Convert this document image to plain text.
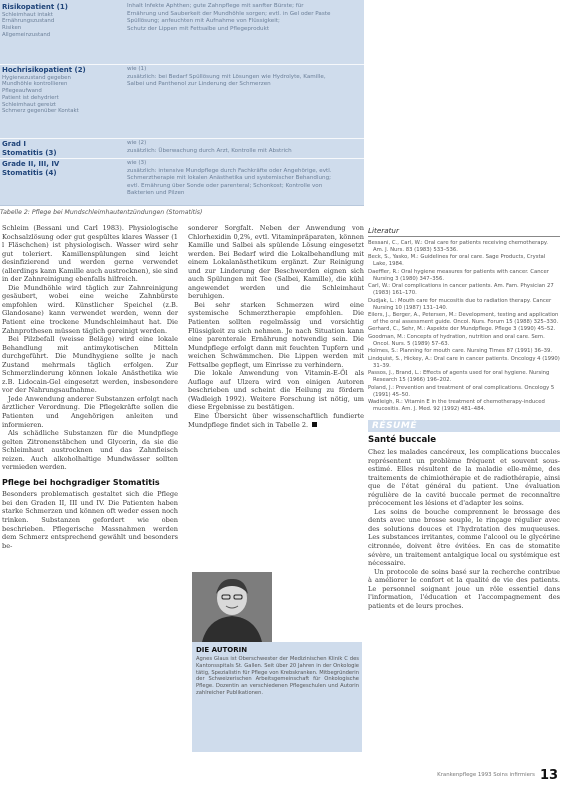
Risikopatient (1)
Schleimhaut intakt
Ernährungszustand
Risiken
Allgemeinzustand
Inhalt Infekte Aphthen; gute Zahnpflege mit sanfter Bürste; für
Ernährung und Sauberkeit der Mundhöhle sorgen; evtl. in Gel oder Paste
Spüllösung; anfeuchten mit Aufnahme von Flüssigkeit;
Schutz der Lippen mit Fettsalbe und Pflegeprodukt
Hochrisikopatient (2)
Hygienezustand gegeben
Mundhöhle kontrollieren
Pflegeaufwand
Patient ist dehydriert
Schleimhaut gereizt
Schmerz gegenüber Kontakt
wie (1)
zusätzlich: bei Bedarf Spüllösung mit Lösungen wie Hydrolyte, Kamille,
Salbei und Panthenol zur Linderung der Schmerzen
Grad I
Stomatitis (3)
wie (2)
zusätzlich: Überwachung durch Arzt, Kontrolle mit Abstrich
Grade II, III, IV
Stomatitis (4)
wie (3)
zusätzlich: intensive Mundpflege durch Fachkräfte oder Angehörige, evtl.
Schmerztherapie mit lokalen Anästhetika und systemischer Behandlung;
evtl. Ernährung über Sonde oder parenteral; Schonkost; Kontrolle von
Bakterien und Pilzen
Tabelle 2: Pflege bei Mundschleimhautentzündungen (Stomatitis)

Schleim (Bessani und Carl 1983). Physiologische Kochsalzlösung oder gut gespültes klares Wasser (1 l Fläschchen) ist physiologisch. Wasser wird sehr gut toleriert. Kamillenspülungen sind leicht desinfizierend und werden gerne verwendet (allerdings kann Kamille auch austrocknen), sie sind in der Zahnreinigung ebenfalls hilfreich.

Die Mundhöhle wird täglich zur Zahnreinigung gesäubert, wobei eine weiche Zahnbürste empfohlen wird. Künstlicher Speichel (z.B. Glandosane) kann verwendet werden, wenn der Patient eine trockene Mundschleimhaut hat. Die Zahnprothesen müssen täglich gereinigt werden.

Bei Pilzbefall (weisse Beläge) wird eine lokale Behandlung mit antimykotischen Mitteln durchgeführt. Die Mundhygiene sollte je nach Zustand mehrmals täglich erfolgen. Zur Schmerzlinderung können lokale Anästhetika wie z.B. Lidocain-Gel eingesetzt werden, insbesondere vor der Nahrungsaufnahme.

Jede Anwendung anderer Substanzen erfolgt nach ärztlicher Verordnung. Die Pflegekräfte sollen die Patienten und Angehörigen anleiten und informieren.

Als schädliche Substanzen für die Mundpflege gelten Zitronenstäbchen und Glycerin, da sie die Schleimhaut austrocknen und das Zahnfleisch reizen. Auch alkoholhaltige Mundwässer sollten vermieden werden.

Pflege bei hochgradiger Stomatitis

Besonders problematisch gestaltet sich die Pflege bei den Graden II, III und IV. Die Patienten haben starke Schmerzen und können oft weder essen noch trinken. Substanzen gefordert wie oben beschrieben. Pflegerische Massnahmen werden dem Schmerz entsprechend gewählt und besonders be-

sonderer Sorgfalt. Neben der Anwendung von Chlorhexidin 0,2%, evtl. Vitaminpräparaten, können Kamille und Salbei als spülende Lösung eingesetzt werden. Bei Bedarf wird die Lokalbehandlung mit einem Lokalanästhetikum ergänzt. Zur Reinigung und zur Linderung der Beschwerden eignen sich auch Spülungen mit Tee (Salbei, Kamille), die kühl angewendet werden und die Schleimhaut beruhigen.

Bei sehr starken Schmerzen wird eine systemische Schmerztherapie empfohlen. Die Patienten sollten regelmässig und vorsichtig Flüssigkeit zu sich nehmen. Je nach Situation kann eine parenterale Ernährung notwendig sein. Die Mundpflege erfolgt dann mit feuchten Tupfern und weichen Schwämmchen. Die Lippen werden mit Fettsalbe gepflegt, um Einrisse zu verhindern.

Die lokale Anwendung von Vitamin-E-Öl als Auflage auf Ulzera wird von einigen Autoren beschrieben und scheint die Heilung zu fördern (Wadleigh 1992). Weitere Forschung ist nötig, um diese Ergebnisse zu bestätigen.

Eine Übersicht über wissenschaftlich fundierte Mundpflege findet sich in Tabelle 2.

DIE AUTORIN
Agnes Glaus ist Oberschwester der Medizinischen Klinik C des Kantonsspitals St. Gallen. Seit über 20 Jahren in der Onkologie tätig, Spezialistin für Pflege von Krebskranken. Mitbegründerin der Schweizerischen Arbeitsgemeinschaft für Onkologische Pflege. Dozentin an verschiedenen Pflegeschulen und Autorin zahlreicher Publikationen.
Literatur
Bessani, C., Carl, W.: Oral care for patients receiving chemotherapy. Am. J. Nurs. 83 (1983) 533–536.
Beck, S., Yasko, M.: Guidelines for oral care. Sage Products, Crystal Lake, 1984.
Daeffler, R.: Oral hygiene measures for patients with cancer. Cancer Nursing 3 (1980) 347–356.
Carl, W.: Oral complications in cancer patients. Am. Fam. Physician 27 (1983) 161–170.
Dudjak, L.: Mouth care for mucositis due to radiation therapy. Cancer Nursing 10 (1987) 131–140.
Eilers, J., Berger, A., Petersen, M.: Development, testing and application of the oral assessment guide. Oncol. Nurs. Forum 15 (1988) 325–330.
Gerhard, C., Sehr, M.: Aspekte der Mundpflege. Pflege 3 (1990) 45–52.
Goodman, M.: Concepts of hydration, nutrition and oral care. Sem. Oncol. Nurs. 5 (1989) 57–63.
Holmes, S.: Planning for mouth care. Nursing Times 87 (1991) 36–39.
Lindquist, S., Hickey, A.: Oral care in cancer patients. Oncology 4 (1990) 31–39.
Passos, J., Brand, L.: Effects of agents used for oral hygiene. Nursing Research 15 (1966) 196–202.
Poland, J.: Prevention and treatment of oral complications. Oncology 5 (1991) 45–50.
Wadleigh, R.: Vitamin E in the treatment of chemotherapy-induced mucositis. Am. J. Med. 92 (1992) 481–484.
RÉSUMÉ
Santé buccale

Chez les malades cancéreux, les complications buccales représentent un problème fréquent et souvent sous-estimé. Elles résultent de la maladie elle-même, des traitements de chimiothérapie et de radiothérapie, ainsi que de l'état général du patient. Une évaluation régulière de la cavité buccale permet de reconnaître précocement les lésions et d'adapter les soins.

Les soins de bouche comprennent le brossage des dents avec une brosse souple, le rinçage régulier avec des solutions douces et l'hydratation des muqueuses. Les substances irritantes, comme l'alcool ou le glycérine citronnée, doivent être évitées. En cas de stomatite sévère, un traitement antalgique local ou systémique est nécessaire.

Un protocole de soins basé sur la recherche contribue à améliorer le confort et la qualité de vie des patients. Le personnel soignant joue un rôle essentiel dans l'information, l'éducation et l'accompagnement des patients et de leurs proches.

Krankenpflege 1993 Soins infirmiers 13
